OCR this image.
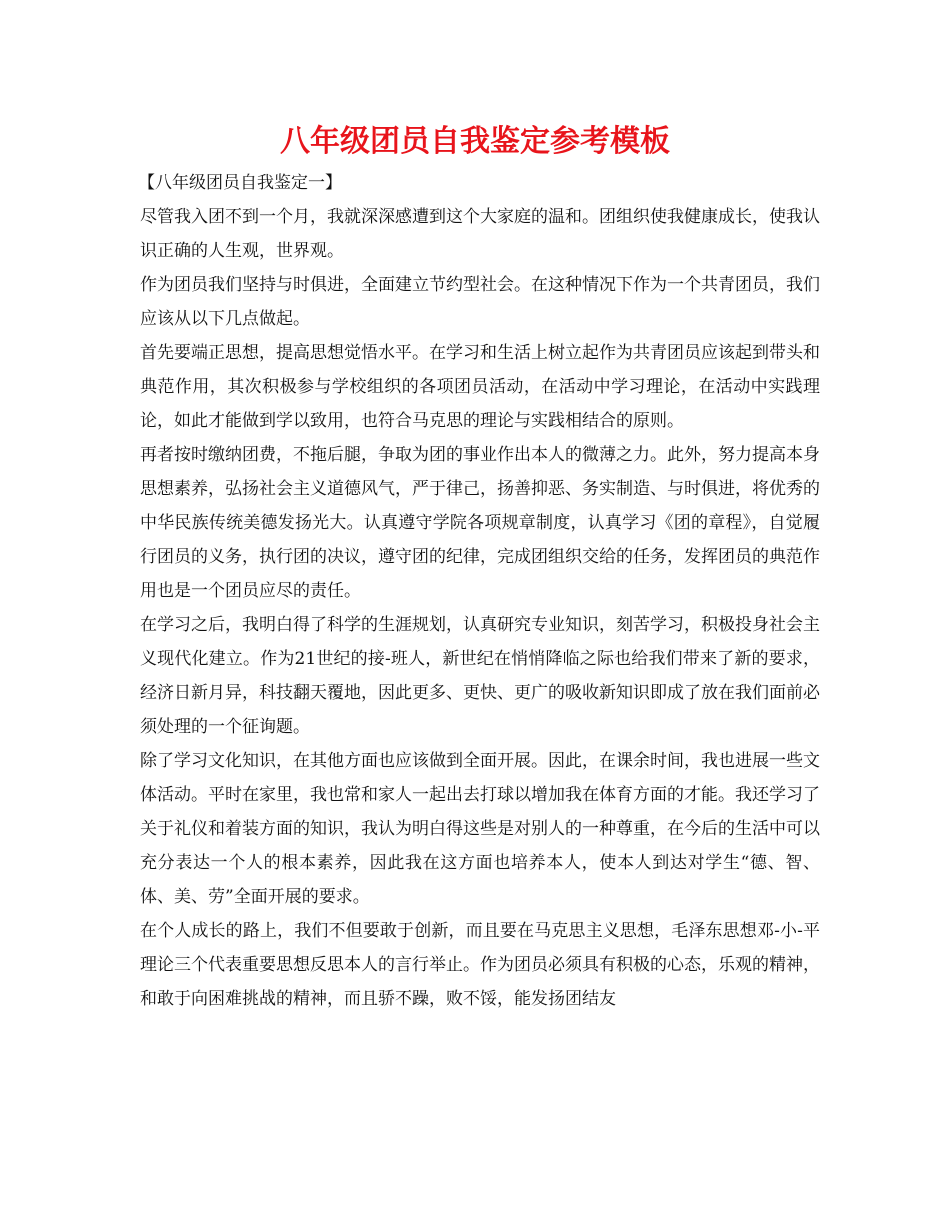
八年级团员自我鉴定参考模板

【八年级团员自我鉴定一】

尽管我入团不到一个月，我就深深感遭到这个大家庭的温和。团组织使我健康成长，使我认识正确的人生观，世界观。

作为团员我们坚持与时俱进，全面建立节约型社会。在这种情况下作为一个共青团员，我们应该从以下几点做起。

首先要端正思想，提高思想觉悟水平。在学习和生活上树立起作为共青团员应该起到带头和典范作用，其次积极参与学校组织的各项团员活动，在活动中学习理论，在活动中实践理论，如此才能做到学以致用，也符合马克思的理论与实践相结合的原则。

再者按时缴纳团费，不拖后腿，争取为团的事业作出本人的微薄之力。此外，努力提高本身思想素养，弘扬社会主义道德风气，严于律己，扬善抑恶、务实制造、与时俱进，将优秀的中华民族传统美德发扬光大。认真遵守学院各项规章制度，认真学习《团的章程》，自觉履行团员的义务，执行团的决议，遵守团的纪律，完成团组织交给的任务，发挥团员的典范作用也是一个团员应尽的责任。

在学习之后，我明白得了科学的生涯规划，认真研究专业知识，刻苦学习，积极投身社会主义现代化建立。作为21世纪的接-班人，新世纪在悄悄降临之际也给我们带来了新的要求，经济日新月异，科技翻天覆地，因此更多、更快、更广的吸收新知识即成了放在我们面前必须处理的一个征询题。

除了学习文化知识，在其他方面也应该做到全面开展。因此，在课余时间，我也进展一些文体活动。平时在家里，我也常和家人一起出去打球以增加我在体育方面的才能。我还学习了关于礼仪和着装方面的知识，我认为明白得这些是对别人的一种尊重，在今后的生活中可以充分表达一个人的根本素养，因此我在这方面也培养本人，使本人到达对学生“德、智、体、美、劳”全面开展的要求。

在个人成长的路上，我们不但要敢于创新，而且要在马克思主义思想，毛泽东思想邓-小-平理论三个代表重要思想反思本人的言行举止。作为团员必须具有积极的心态，乐观的精神，和敢于向困难挑战的精神，而且骄不躁，败不馁，能发扬团结友
